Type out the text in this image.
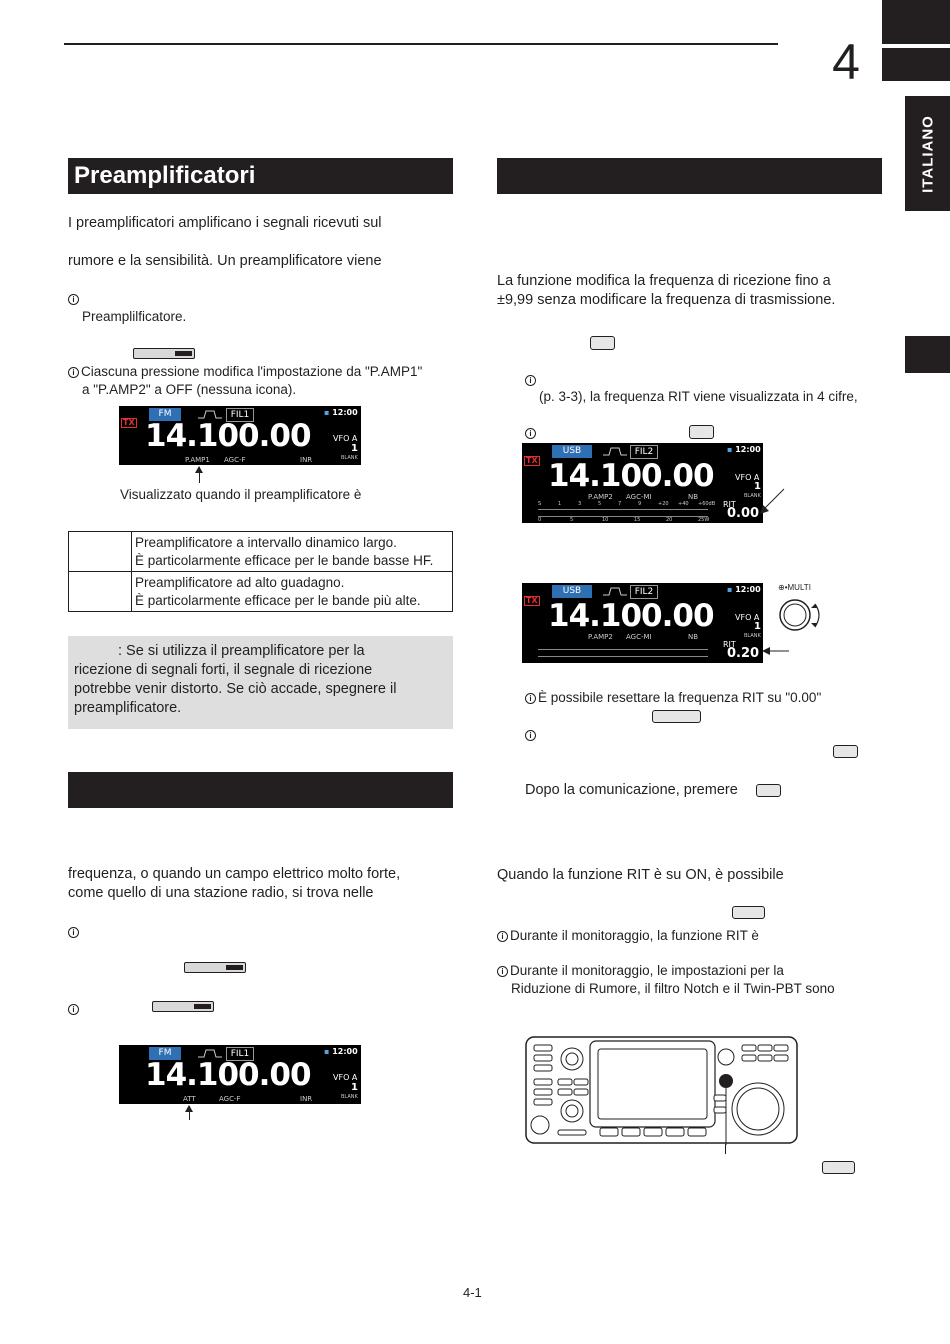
4
ITALIANO
Preamplificatori
I preamplificatori amplificano i segnali ricevuti sul
rumore e la sensibilità. Un preamplificatore viene
i
Preamplilficatore.
i Ciascuna pressione modifica l'impostazione da "P.AMP1"
a "P.AMP2" a OFF (nessuna icona).
TX
FM	FIL1	▪ 12:00
14.100.00	VFO A
1
BLANK
P.AMP1 AGC-F	INR
Visualizzato quando il preamplificatore è

	Preamplificatore a intervallo dinamico largo.
È particolarmente efficace per le bande basse HF.

	Preamplificatore ad alto guadagno.
È particolarmente efficace per le bande più alte.
: Se si utilizza il preamplificatore per la
ricezione di segnali forti, il segnale di ricezione
potrebbe venir distorto. Se ciò accade, spegnere il
preamplificatore.
frequenza, o quando un campo elettrico molto forte,
come quello di una stazione radio, si trova nelle
i
i
FM	FIL1	▪ 12:00
14.100.00	VFO A
1
BLANK
ATT	AGC-F	INR
La funzione modifica la frequenza di ricezione fino a
±9,99 senza modificare la frequenza di trasmissione.
i
(p. 3-3), la frequenza RIT viene visualizzata in 4 cifre,
i
TX
USB	FIL2	▪ 12:00
14.100.00	VFO A
1
BLANK
P.AMP2 AGC-MI	NB
RIT
0.00
S	1	3	5	7	9	+20 +40 +60dB
0	5	10	15	20	25W
TX
USB	FIL2	▪ 12:00
14.100.00	VFO A
1
BLANK
P.AMP2 AGC-MI	NB
RIT
0.20
⊕•MULTI
i È possibile resettare la frequenza RIT su "0.00"
i
Dopo la comunicazione, premere
Quando la funzione RIT è su ON, è possibile
i Durante il monitoraggio, la funzione RIT è
i Durante il monitoraggio, le impostazioni per la
Riduzione di Rumore, il filtro Notch e il Twin-PBT sono
4-1
